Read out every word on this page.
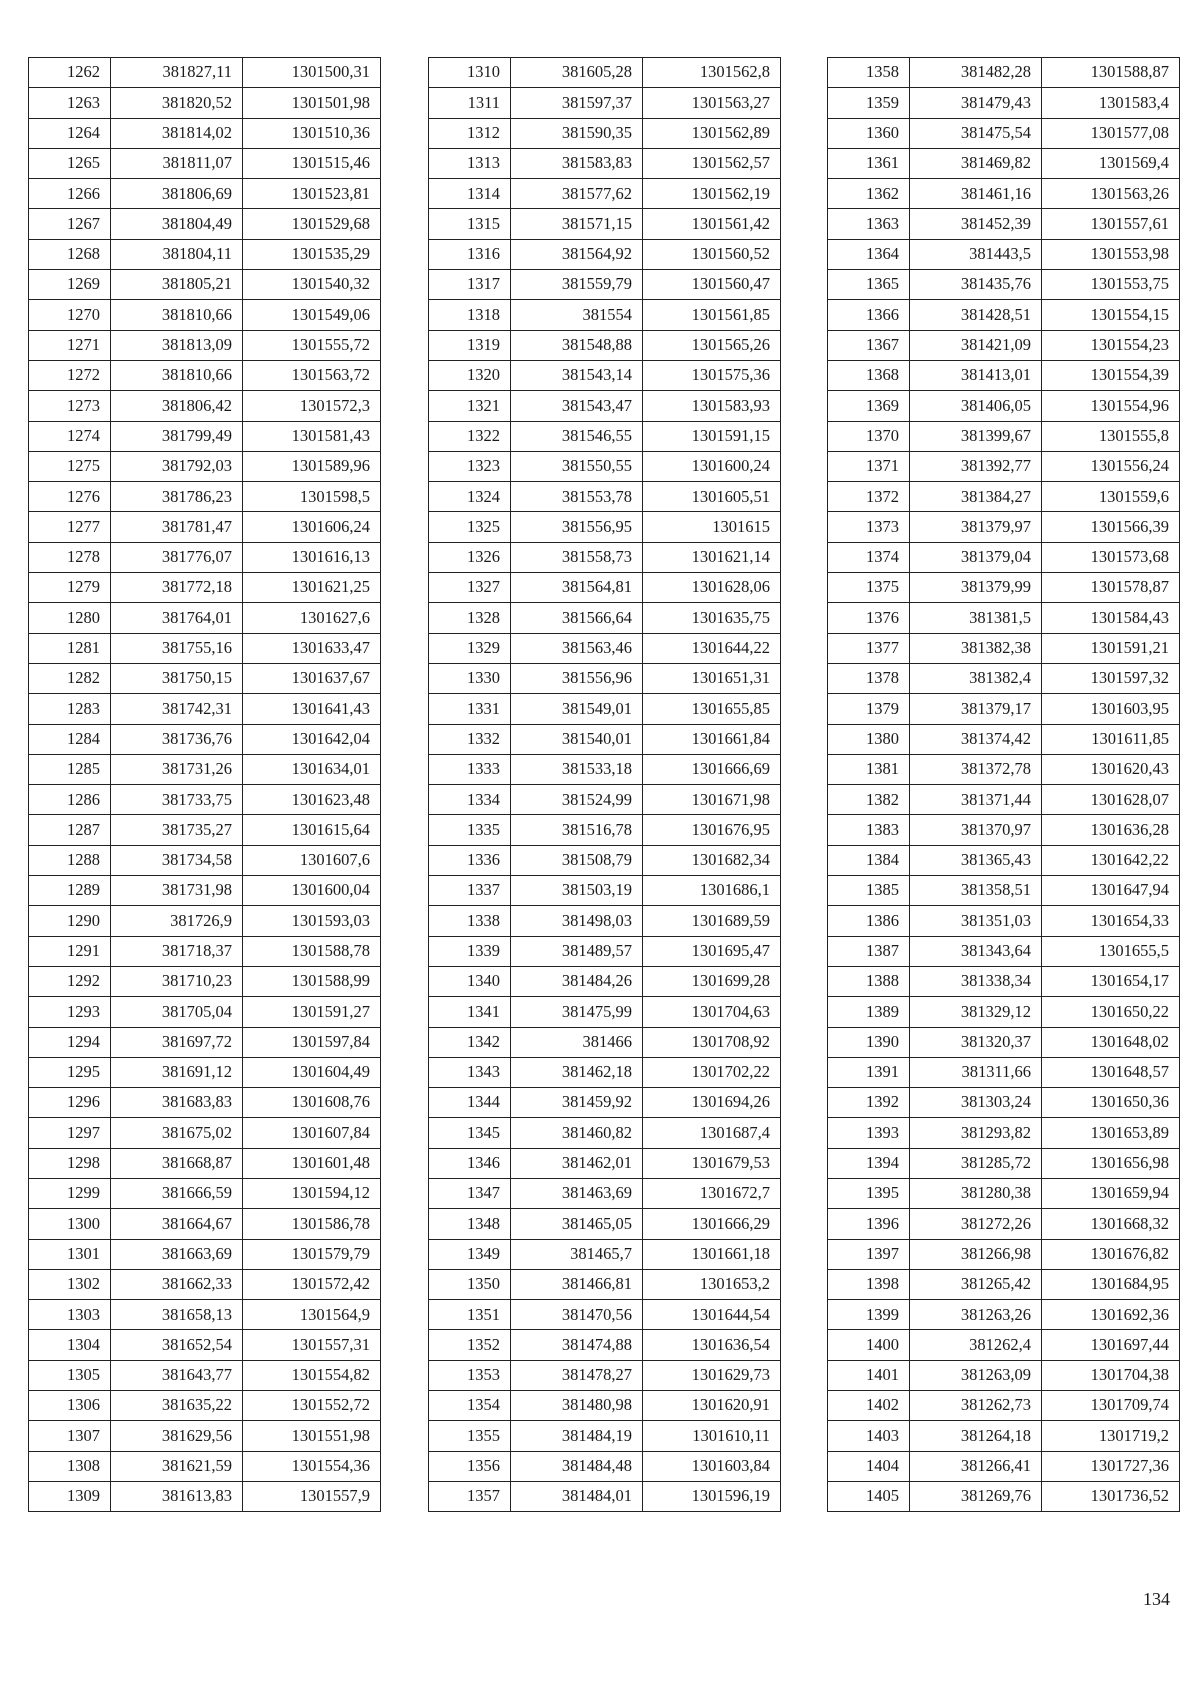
1262	381827,11	1301500,31
1263	381820,52	1301501,98
1264	381814,02	1301510,36
1265	381811,07	1301515,46
1266	381806,69	1301523,81
1267	381804,49	1301529,68
1268	381804,11	1301535,29
1269	381805,21	1301540,32
1270	381810,66	1301549,06
1271	381813,09	1301555,72
1272	381810,66	1301563,72
1273	381806,42	1301572,3
1274	381799,49	1301581,43
1275	381792,03	1301589,96
1276	381786,23	1301598,5
1277	381781,47	1301606,24
1278	381776,07	1301616,13
1279	381772,18	1301621,25
1280	381764,01	1301627,6
1281	381755,16	1301633,47
1282	381750,15	1301637,67
1283	381742,31	1301641,43
1284	381736,76	1301642,04
1285	381731,26	1301634,01
1286	381733,75	1301623,48
1287	381735,27	1301615,64
1288	381734,58	1301607,6
1289	381731,98	1301600,04
1290	381726,9	1301593,03
1291	381718,37	1301588,78
1292	381710,23	1301588,99
1293	381705,04	1301591,27
1294	381697,72	1301597,84
1295	381691,12	1301604,49
1296	381683,83	1301608,76
1297	381675,02	1301607,84
1298	381668,87	1301601,48
1299	381666,59	1301594,12
1300	381664,67	1301586,78
1301	381663,69	1301579,79
1302	381662,33	1301572,42
1303	381658,13	1301564,9
1304	381652,54	1301557,31
1305	381643,77	1301554,82
1306	381635,22	1301552,72
1307	381629,56	1301551,98
1308	381621,59	1301554,36
1309	381613,83	1301557,9
1310	381605,28	1301562,8
1311	381597,37	1301563,27
1312	381590,35	1301562,89
1313	381583,83	1301562,57
1314	381577,62	1301562,19
1315	381571,15	1301561,42
1316	381564,92	1301560,52
1317	381559,79	1301560,47
1318	381554	1301561,85
1319	381548,88	1301565,26
1320	381543,14	1301575,36
1321	381543,47	1301583,93
1322	381546,55	1301591,15
1323	381550,55	1301600,24
1324	381553,78	1301605,51
1325	381556,95	1301615
1326	381558,73	1301621,14
1327	381564,81	1301628,06
1328	381566,64	1301635,75
1329	381563,46	1301644,22
1330	381556,96	1301651,31
1331	381549,01	1301655,85
1332	381540,01	1301661,84
1333	381533,18	1301666,69
1334	381524,99	1301671,98
1335	381516,78	1301676,95
1336	381508,79	1301682,34
1337	381503,19	1301686,1
1338	381498,03	1301689,59
1339	381489,57	1301695,47
1340	381484,26	1301699,28
1341	381475,99	1301704,63
1342	381466	1301708,92
1343	381462,18	1301702,22
1344	381459,92	1301694,26
1345	381460,82	1301687,4
1346	381462,01	1301679,53
1347	381463,69	1301672,7
1348	381465,05	1301666,29
1349	381465,7	1301661,18
1350	381466,81	1301653,2
1351	381470,56	1301644,54
1352	381474,88	1301636,54
1353	381478,27	1301629,73
1354	381480,98	1301620,91
1355	381484,19	1301610,11
1356	381484,48	1301603,84
1357	381484,01	1301596,19
1358	381482,28	1301588,87
1359	381479,43	1301583,4
1360	381475,54	1301577,08
1361	381469,82	1301569,4
1362	381461,16	1301563,26
1363	381452,39	1301557,61
1364	381443,5	1301553,98
1365	381435,76	1301553,75
1366	381428,51	1301554,15
1367	381421,09	1301554,23
1368	381413,01	1301554,39
1369	381406,05	1301554,96
1370	381399,67	1301555,8
1371	381392,77	1301556,24
1372	381384,27	1301559,6
1373	381379,97	1301566,39
1374	381379,04	1301573,68
1375	381379,99	1301578,87
1376	381381,5	1301584,43
1377	381382,38	1301591,21
1378	381382,4	1301597,32
1379	381379,17	1301603,95
1380	381374,42	1301611,85
1381	381372,78	1301620,43
1382	381371,44	1301628,07
1383	381370,97	1301636,28
1384	381365,43	1301642,22
1385	381358,51	1301647,94
1386	381351,03	1301654,33
1387	381343,64	1301655,5
1388	381338,34	1301654,17
1389	381329,12	1301650,22
1390	381320,37	1301648,02
1391	381311,66	1301648,57
1392	381303,24	1301650,36
1393	381293,82	1301653,89
1394	381285,72	1301656,98
1395	381280,38	1301659,94
1396	381272,26	1301668,32
1397	381266,98	1301676,82
1398	381265,42	1301684,95
1399	381263,26	1301692,36
1400	381262,4	1301697,44
1401	381263,09	1301704,38
1402	381262,73	1301709,74
1403	381264,18	1301719,2
1404	381266,41	1301727,36
1405	381269,76	1301736,52
134
